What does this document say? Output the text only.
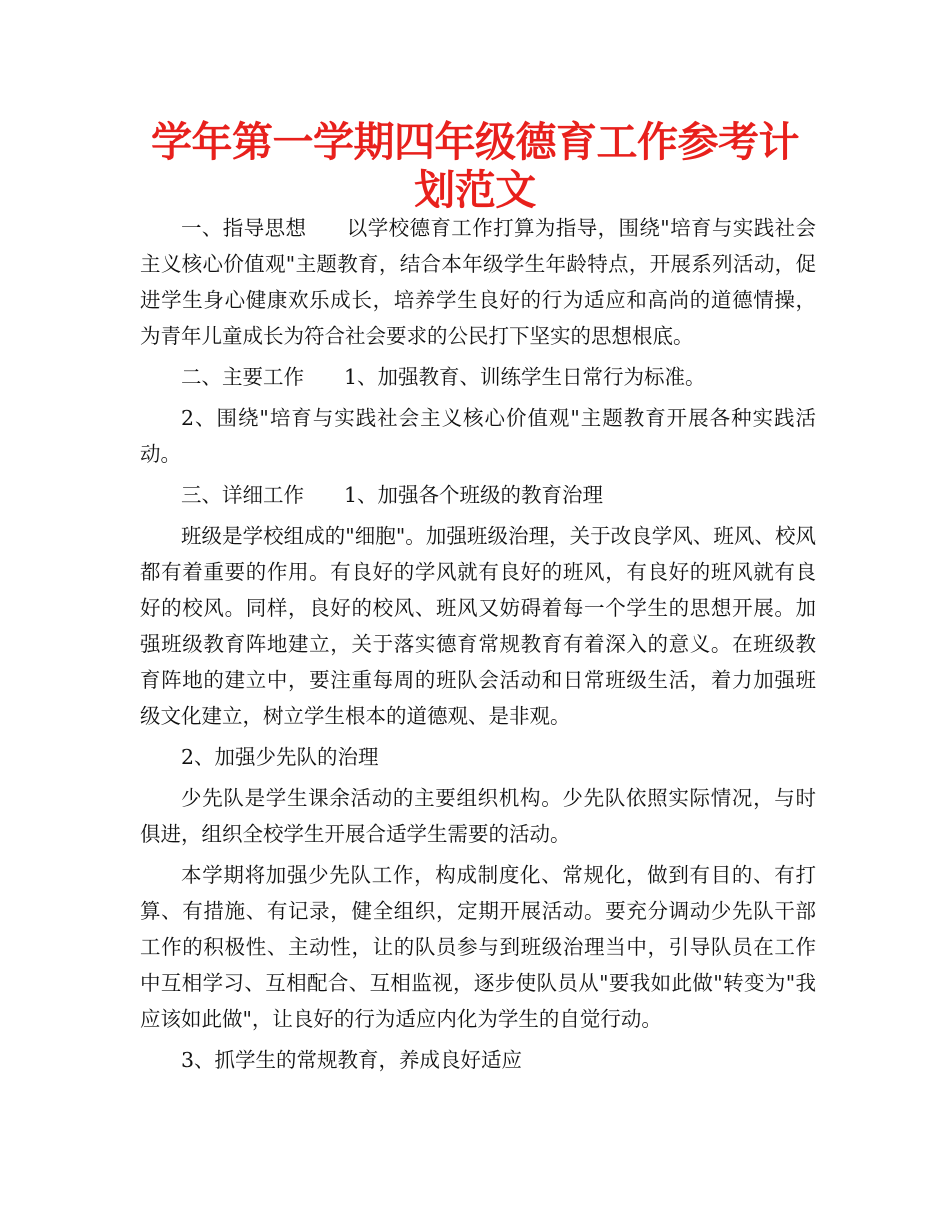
学年第一学期四年级德育工作参考计划范文

一、指导思想 以学校德育工作打算为指导，围绕"培育与实践社会主义核心价值观"主题教育，结合本年级学生年龄特点，开展系列活动，促进学生身心健康欢乐成长，培养学生良好的行为适应和高尚的道德情操，为青年儿童成长为符合社会要求的公民打下坚实的思想根底。

二、主要工作 1、加强教育、训练学生日常行为标准。

2、围绕"培育与实践社会主义核心价值观"主题教育开展各种实践活动。

三、详细工作 1、加强各个班级的教育治理

班级是学校组成的"细胞"。加强班级治理，关于改良学风、班风、校风都有着重要的作用。有良好的学风就有良好的班风，有良好的班风就有良好的校风。同样，良好的校风、班风又妨碍着每一个学生的思想开展。加强班级教育阵地建立，关于落实德育常规教育有着深入的意义。在班级教育阵地的建立中，要注重每周的班队会活动和日常班级生活，着力加强班级文化建立，树立学生根本的道德观、是非观。

2、加强少先队的治理

少先队是学生课余活动的主要组织机构。少先队依照实际情况，与时俱进，组织全校学生开展合适学生需要的活动。

本学期将加强少先队工作，构成制度化、常规化，做到有目的、有打算、有措施、有记录，健全组织，定期开展活动。要充分调动少先队干部工作的积极性、主动性，让的队员参与到班级治理当中，引导队员在工作中互相学习、互相配合、互相监视，逐步使队员从"要我如此做"转变为"我应该如此做"，让良好的行为适应内化为学生的自觉行动。

3、抓学生的常规教育，养成良好适应
